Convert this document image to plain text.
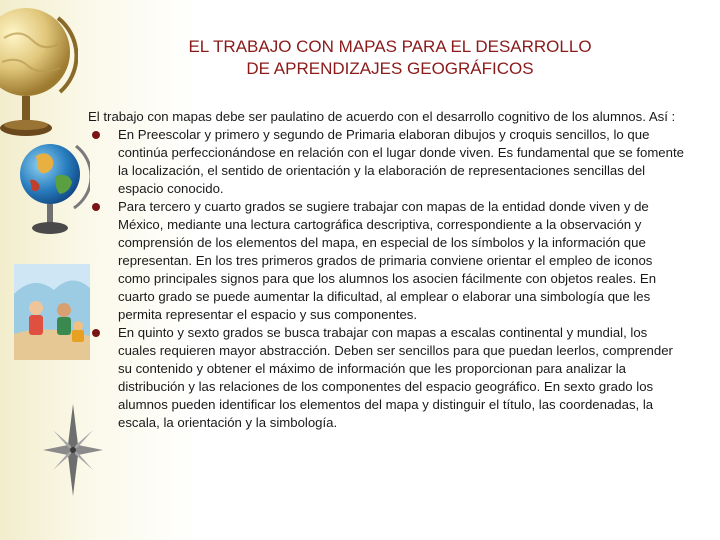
EL TRABAJO CON MAPAS PARA EL DESARROLLO
DE APRENDIZAJES GEOGRÁFICOS

El trabajo con mapas debe ser paulatino de acuerdo con el desarrollo cognitivo de los alumnos. Así :

En Preescolar y primero y segundo de Primaria elaboran dibujos y croquis sencillos, lo que continúa perfeccionándose en relación con el lugar donde viven. Es fundamental que se fomente la localización, el sentido de orientación y la elaboración de representaciones sencillas del espacio conocido.
Para tercero y cuarto grados se sugiere trabajar con mapas de la entidad donde viven y de México, mediante una lectura cartográfica descriptiva, correspondiente a la observación y comprensión de los elementos del mapa, en especial de los símbolos y la información que representan. En los tres primeros grados de primaria conviene orientar el empleo de iconos como principales signos para que los alumnos los asocien fácilmente con objetos reales. En cuarto grado se puede aumentar la dificultad, al emplear o elaborar una simbología que les permita representar el espacio y sus componentes.
En quinto y sexto grados se busca trabajar con mapas a escalas continental y mundial, los cuales requieren mayor abstracción. Deben ser sencillos para que puedan leerlos, comprender su contenido y obtener el máximo de información que les proporcionan para analizar la distribución y las relaciones de los componentes del espacio geográfico. En sexto grado los alumnos pueden identificar los elementos del mapa y distinguir el título, las coordenadas, la escala, la orientación y la simbología.
